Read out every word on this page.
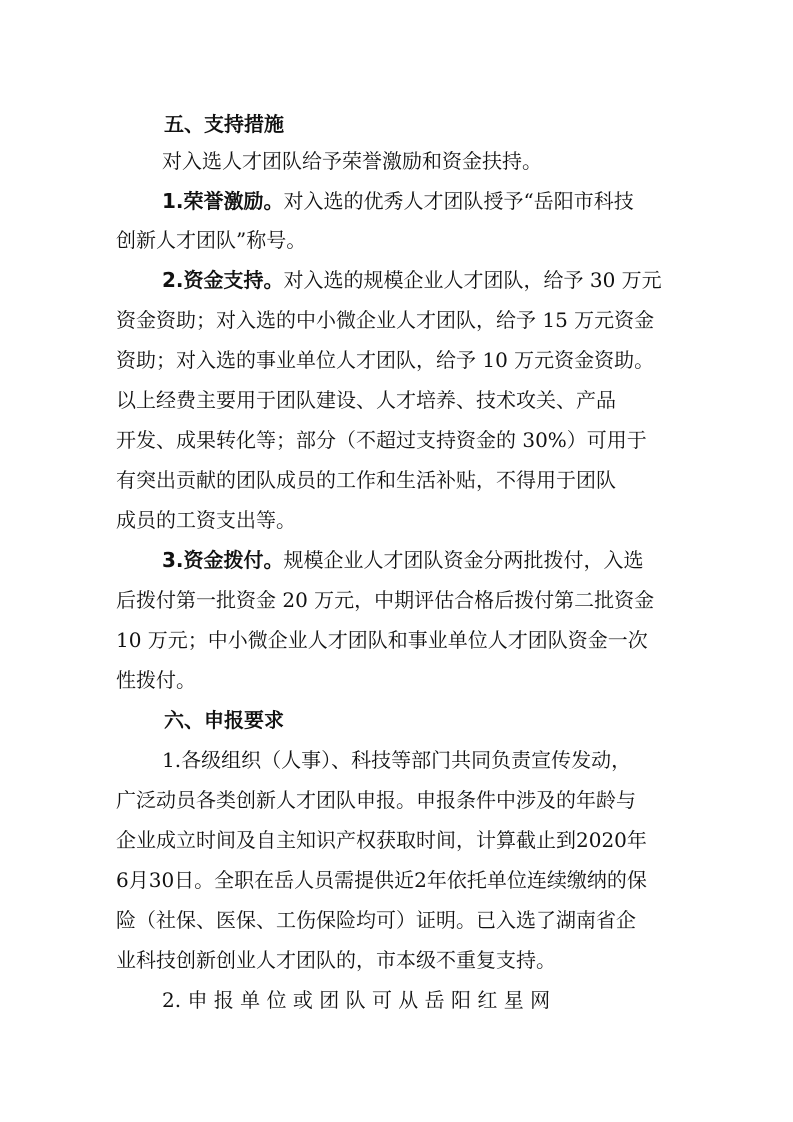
五、支持措施
对入选人才团队给予荣誉激励和资金扶持。
1.荣誉激励。对入选的优秀人才团队授予“岳阳市科技
创新人才团队”称号。
2.资金支持。对入选的规模企业人才团队，给予 30 万元
资金资助；对入选的中小微企业人才团队，给予 15 万元资金
资助；对入选的事业单位人才团队，给予 10 万元资金资助。
以上经费主要用于团队建设、人才培养、技术攻关、产品
开发、成果转化等；部分（不超过支持资金的 30%）可用于
有突出贡献的团队成员的工作和生活补贴，不得用于团队
成员的工资支出等。
3.资金拨付。规模企业人才团队资金分两批拨付，入选
后拨付第一批资金 20 万元，中期评估合格后拨付第二批资金
10 万元；中小微企业人才团队和事业单位人才团队资金一次
性拨付。
六、申报要求
1.各级组织（人事）、科技等部门共同负责宣传发动，
广泛动员各类创新人才团队申报。申报条件中涉及的年龄与
企业成立时间及自主知识产权获取时间，计算截止到2020年
6月30日。全职在岳人员需提供近2年依托单位连续缴纳的保
险（社保、医保、工伤保险均可）证明。已入选了湖南省企
业科技创新创业人才团队的，市本级不重复支持。
2. 申 报 单 位 或 团 队 可 从 岳 阳 红 星 网
